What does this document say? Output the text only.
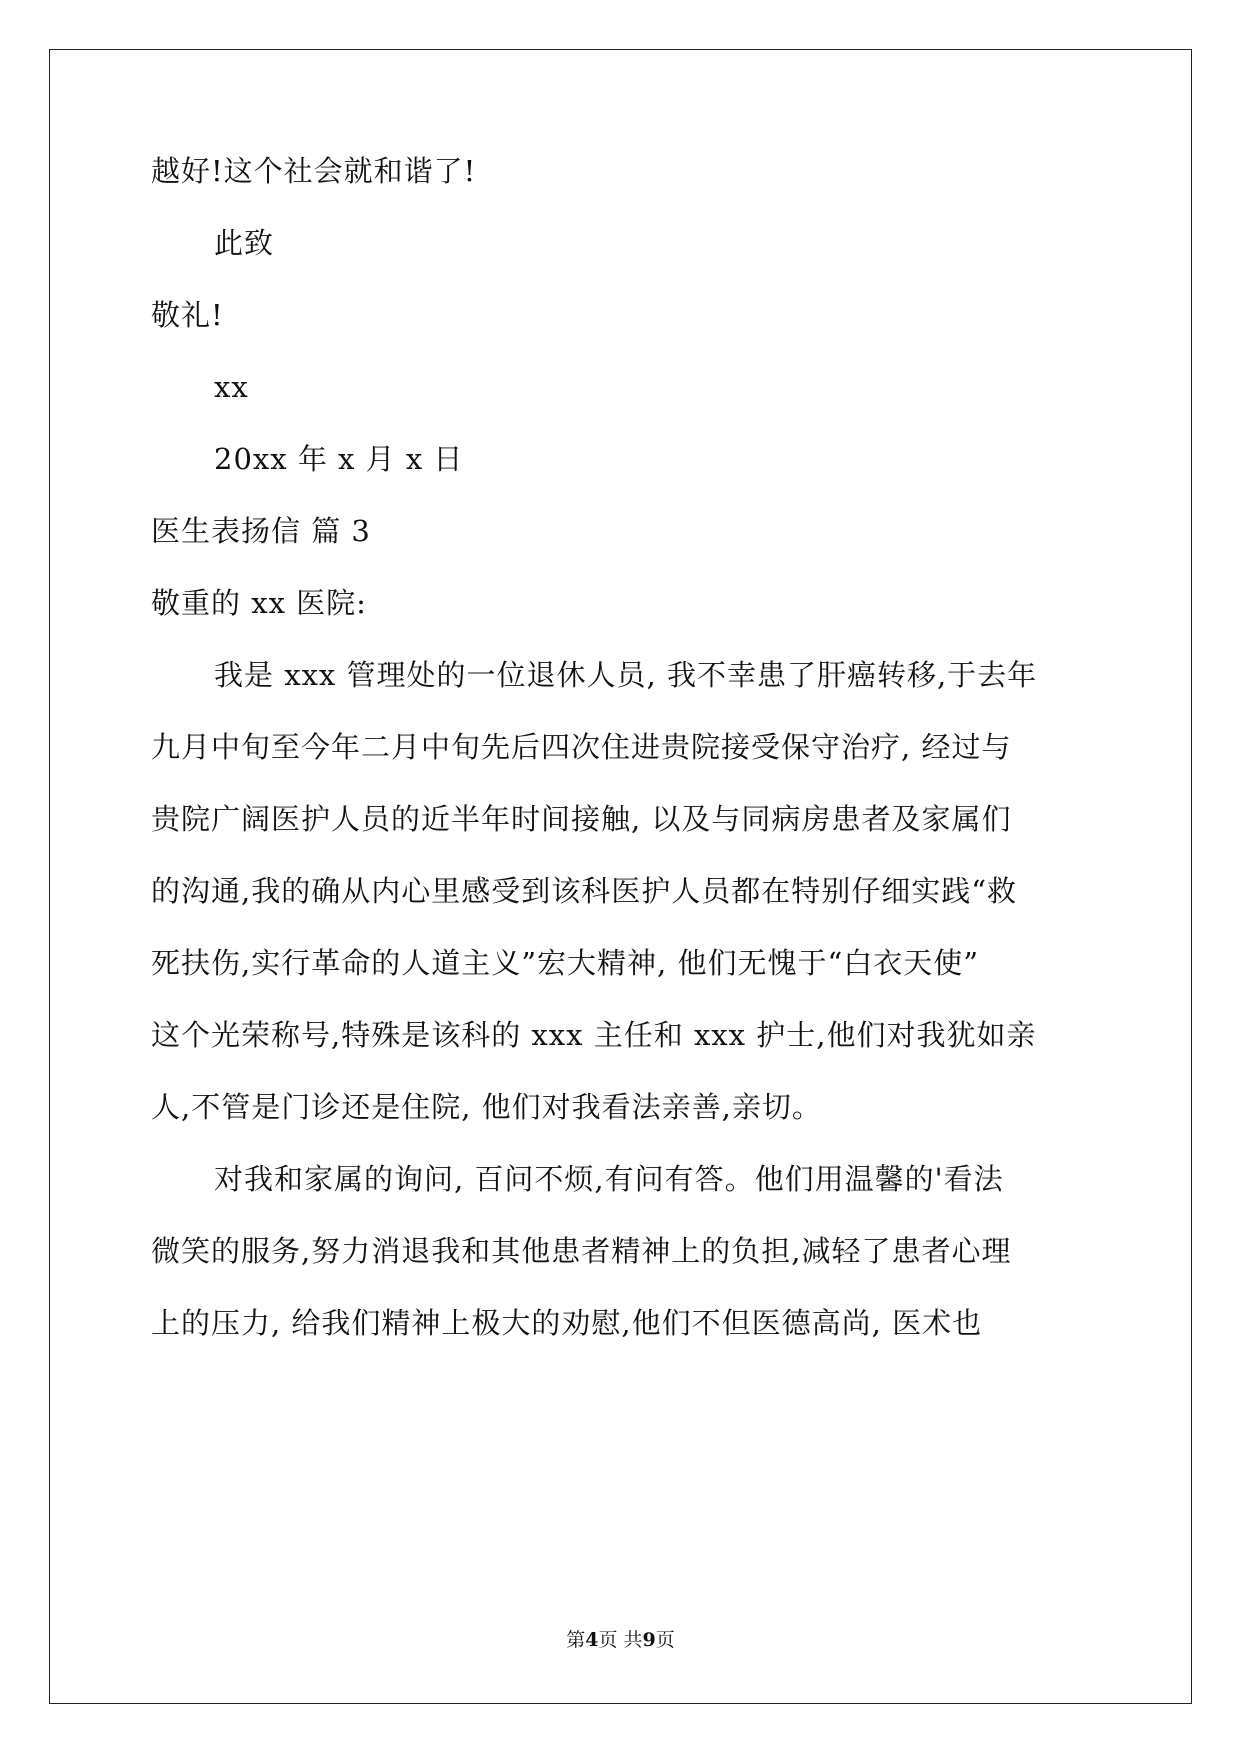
越好!这个社会就和谐了!
此致
敬礼!
xx
20xx 年 x 月 x 日
医生表扬信 篇 3
敬重的 xx 医院:
我是 xxx 管理处的一位退休人员, 我不幸患了肝癌转移,于去年
九月中旬至今年二月中旬先后四次住进贵院接受保守治疗, 经过与
贵院广阔医护人员的近半年时间接触, 以及与同病房患者及家属们
的沟通,我的确从内心里感受到该科医护人员都在特别仔细实践“救
死扶伤,实行革命的人道主义”宏大精神, 他们无愧于“白衣天使”
这个光荣称号,特殊是该科的 xxx 主任和 xxx 护士,他们对我犹如亲
人,不管是门诊还是住院, 他们对我看法亲善,亲切。
对我和家属的询问, 百问不烦,有问有答。他们用温馨的'看法
微笑的服务,努力消退我和其他患者精神上的负担,减轻了患者心理
上的压力, 给我们精神上极大的劝慰,他们不但医德高尚, 医术也
第4页 共9页
